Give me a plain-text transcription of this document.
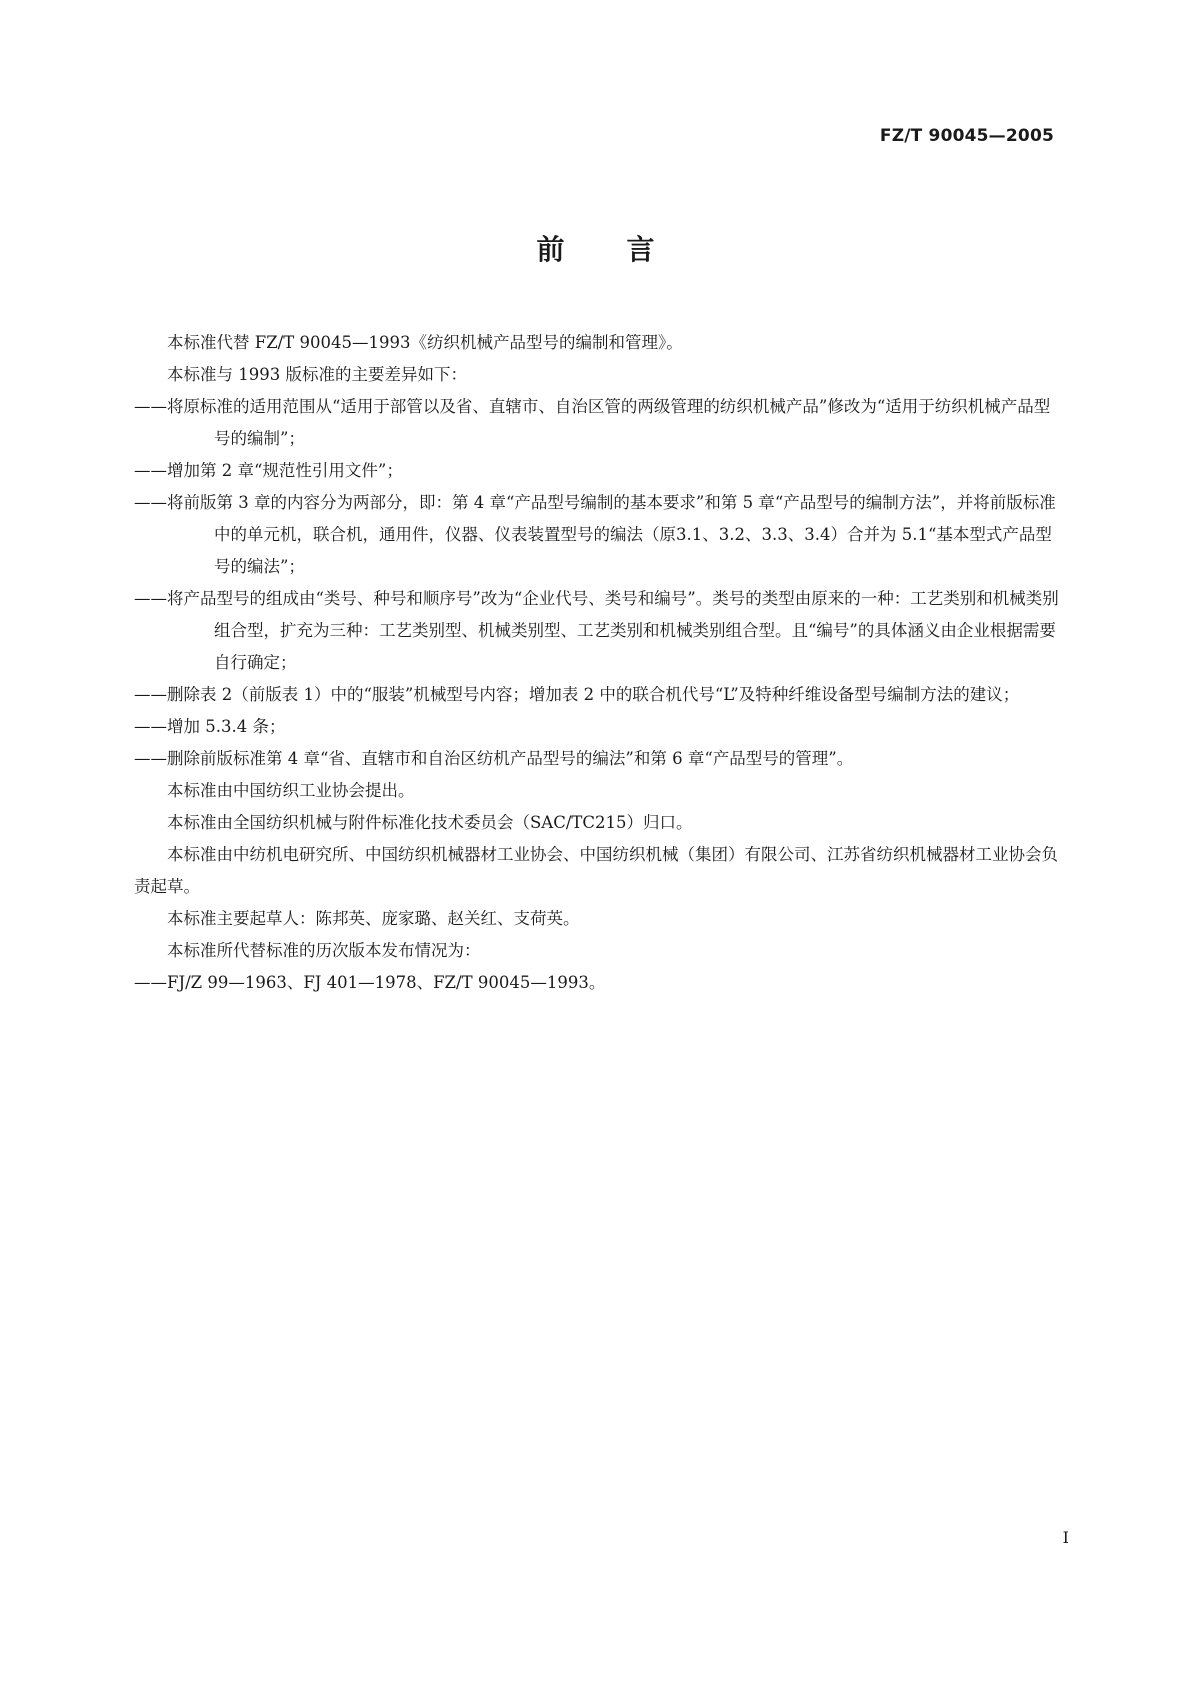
FZ/T 90045—2005
前 言

本标准代替 FZ/T 90045—1993《纺织机械产品型号的编制和管理》。

本标准与 1993 版标准的主要差异如下：

——将原标准的适用范围从“适用于部管以及省、直辖市、自治区管的两级管理的纺织机械产品”修改为“适用于纺织机械产品型号的编制”；

——增加第 2 章“规范性引用文件”；

——将前版第 3 章的内容分为两部分，即：第 4 章“产品型号编制的基本要求”和第 5 章“产品型号的编制方法”，并将前版标准中的单元机，联合机，通用件，仪器、仪表装置型号的编法（原3.1、3.2、3.3、3.4）合并为 5.1“基本型式产品型号的编法”；

——将产品型号的组成由“类号、种号和顺序号”改为“企业代号、类号和编号”。类号的类型由原来的一种：工艺类别和机械类别组合型，扩充为三种：工艺类别型、机械类别型、工艺类别和机械类别组合型。且“编号”的具体涵义由企业根据需要自行确定；

——删除表 2（前版表 1）中的“服装”机械型号内容；增加表 2 中的联合机代号“L”及特种纤维设备型号编制方法的建议；

——增加 5.3.4 条；

——删除前版标准第 4 章“省、直辖市和自治区纺机产品型号的编法”和第 6 章“产品型号的管理”。

本标准由中国纺织工业协会提出。

本标准由全国纺织机械与附件标准化技术委员会（SAC/TC215）归口。

本标准由中纺机电研究所、中国纺织机械器材工业协会、中国纺织机械（集团）有限公司、江苏省纺织机械器材工业协会负责起草。

本标准主要起草人：陈邦英、庞家璐、赵关红、支荷英。

本标准所代替标准的历次版本发布情况为：

——FJ/Z 99—1963、FJ 401—1978、FZ/T 90045—1993。

I
